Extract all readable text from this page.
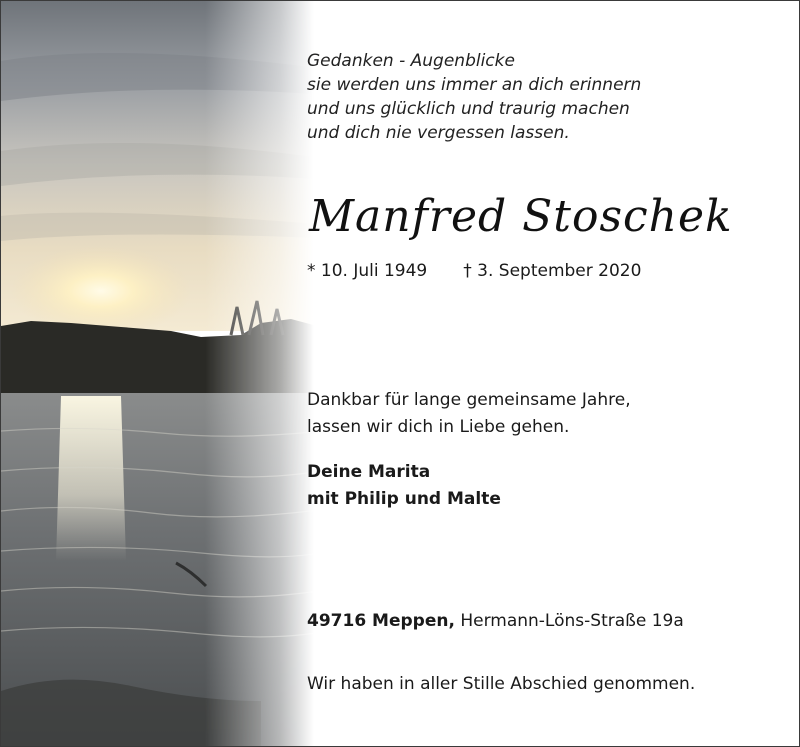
Gedanken - Augenblicke
sie werden uns immer an dich erinnern
und uns glücklich und traurig machen
und dich nie vergessen lassen.
Manfred Stoschek
* 10. Juli 1949 † 3. September 2020
Dankbar für lange gemeinsame Jahre,
lassen wir dich in Liebe gehen.
Deine Marita
mit Philip und Malte
49716 Meppen, Hermann-Löns-Straße 19a
Wir haben in aller Stille Abschied genommen.
